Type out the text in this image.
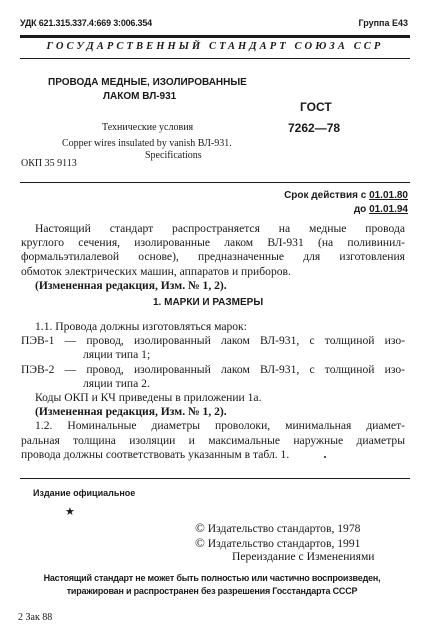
УДК 621.315.337.4:669 3:006.354	Группа Е43
ГОСУДАРСТВЕННЫЙ СТАНДАРТ СОЮЗА ССР
ПРОВОДА МЕДНЫЕ, ИЗОЛИРОВАННЫЕ
ЛАКОМ ВЛ-931
Технические условия
Copper wires insulated by vanish ВЛ-931.
Specifications
ОКП 35 9113
ГОСТ
7262—78
Срок действия с 01.01.80
до 01.01.94
Настоящий стандарт распространяется на медные провода
круглого сечения, изолированные лаком ВЛ-931 (на поливинил-
формальэтилалевой основе), предназначенные для изготовления
обмоток электрических машин, аппаратов и приборов.
(Измененная редакция, Изм. № 1, 2).
1. МАРКИ И РАЗМЕРЫ
1.1. Провода должны изготовляться марок:
ПЭВ-1 — провод, изолированный лаком ВЛ-931, с толщиной изо-
ляции типа 1;
ПЭВ-2 — провод, изолированный лаком ВЛ-931, с толщиной изо-
ляции типа 2.
Коды ОКП и КЧ приведены в приложении 1а.
(Измененная редакция, Изм. № 1, 2).
1.2. Номинальные диаметры проволоки, минимальная диамет-
ральная толщина изоляции и максимальные наружные диаметры
провода должны соответствовать указанным в табл. 1.
Издание официальное
★
© Издательство стандартов, 1978
© Издательство стандартов, 1991
Переиздание с Изменениями
Настоящий стандарт не может быть полностью или частично воспроизведен,
тиражирован и распространен без разрешения Госстандарта СССР
2 Зак 88
